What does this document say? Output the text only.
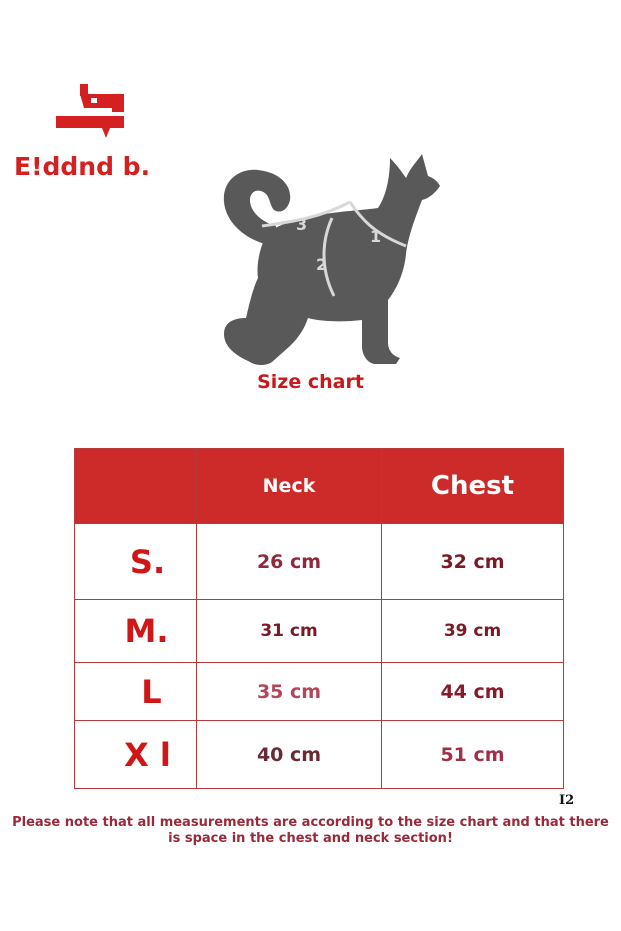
E!ddnd b.
3
1
2
Size chart
	Neck	Chest
S.	26 cm	32 cm
M.	31 cm	39 cm
L	35 cm	44 cm
X l	40 cm	51 cm
I2
Please note that all measurements are according to the size chart and that there is space in the chest and neck section!
